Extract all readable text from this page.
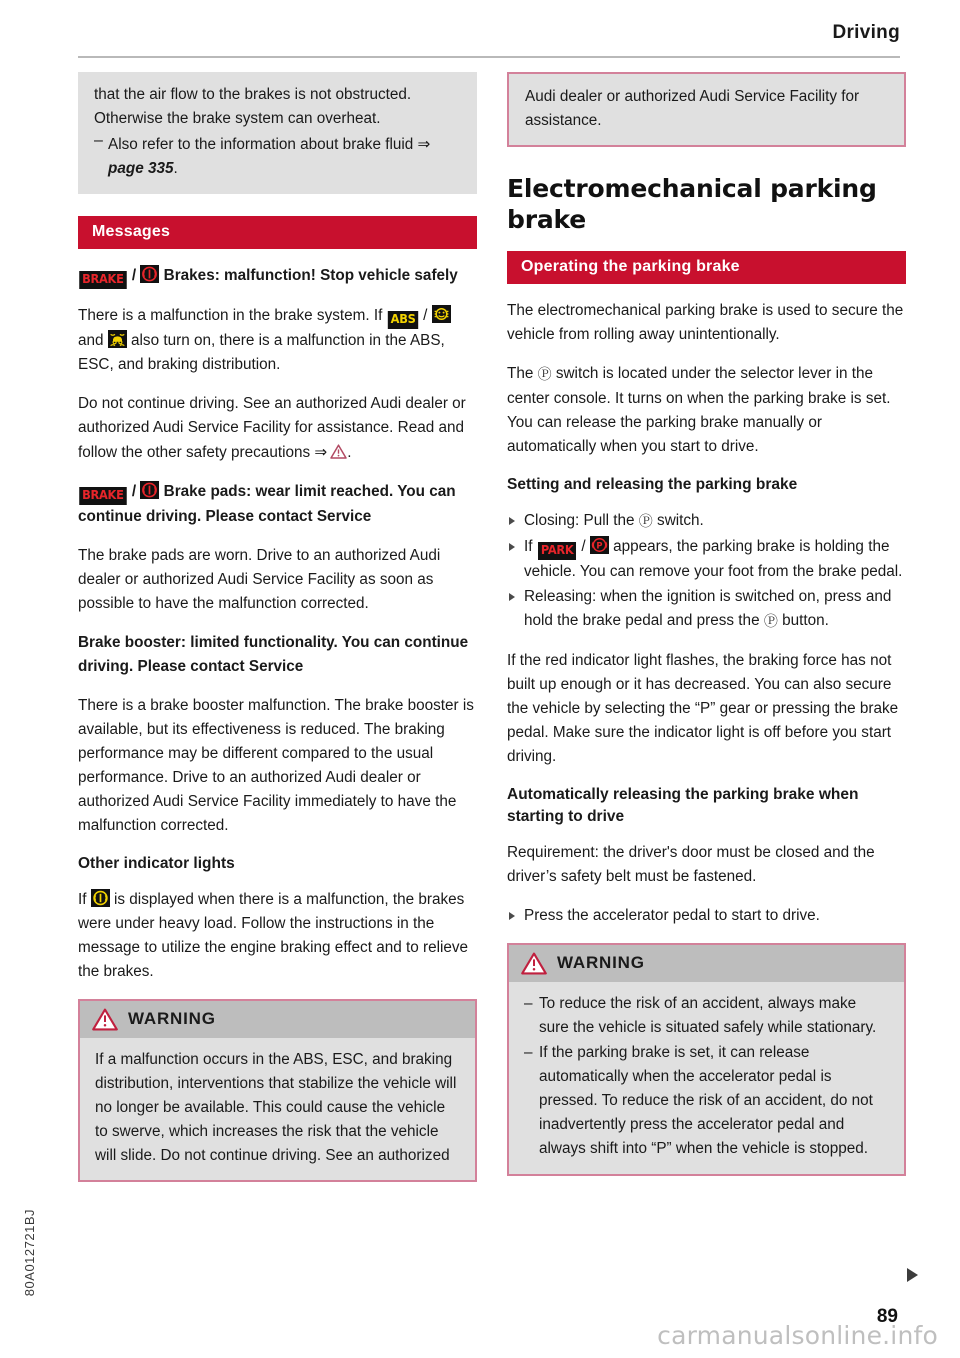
Driving

that the air flow to the brakes is not obstructed. Otherwise the brake system can overheat.

– Also refer to the information about brake fluid ⇒ page 335.

Messages

BRAKE / Brakes: malfunction! Stop vehicle safely

There is a malfunction in the brake system. If ABS /
and
also turn on, there is a malfunction in the ABS, ESC, and braking distribution.

Do not continue driving. See an authorized Audi dealer or authorized Audi Service Facility for assistance. Read and follow the other safety precautions ⇒ .

BRAKE / Brake pads: wear limit reached. You can continue driving. Please contact Service

The brake pads are worn. Drive to an authorized Audi dealer or authorized Audi Service Facility as soon as possible to have the malfunction corrected.

Brake booster: limited functionality. You can continue driving. Please contact Service

There is a brake booster malfunction. The brake booster is available, but its effectiveness is reduced. The braking performance may be different compared to the usual performance. Drive to an authorized Audi dealer or authorized Audi Service Facility immediately to have the malfunction corrected.

Other indicator lights

If
is displayed when there is a malfunction, the brakes were under heavy load. Follow the instructions in the message to utilize the engine braking effect and to relieve the brakes.

WARNING

If a malfunction occurs in the ABS, ESC, and braking distribution, interventions that stabilize the vehicle will no longer be available. This could cause the vehicle to swerve, which increases the risk that the vehicle will slide. Do not continue driving. See an authorized

Audi dealer or authorized Audi Service Facility for assistance.

Electromechanical parking brake
Operating the parking brake

The electromechanical parking brake is used to secure the vehicle from rolling away unintentionally.

The Ⓟ switch is located under the selector lever in the center console. It turns on when the parking brake is set. You can release the parking brake manually or automatically when you start to drive.

Setting and releasing the parking brake
Closing: Pull the Ⓟ switch.
If PARK / P appears, the parking brake is holding the vehicle. You can remove your foot from the brake pedal.
Releasing: when the ignition is switched on, press and hold the brake pedal and press the Ⓟ button.

If the red indicator light flashes, the braking force has not built up enough or it has decreased. You can also secure the vehicle by selecting the “P” gear or pressing the brake pedal. Make sure the indicator light is off before you start driving.

Automatically releasing the parking brake when starting to drive

Requirement: the driver's door must be closed and the driver’s safety belt must be fastened.

Press the accelerator pedal to start to drive.
WARNING
– To reduce the risk of an accident, always make sure the vehicle is situated safely while stationary.
– If the parking brake is set, it can release automatically when the accelerator pedal is pressed. To reduce the risk of an accident, do not inadvertently press the accelerator pedal and always shift into “P” when the vehicle is stopped.
80A012721BJ
89
carmanualsonline.info
